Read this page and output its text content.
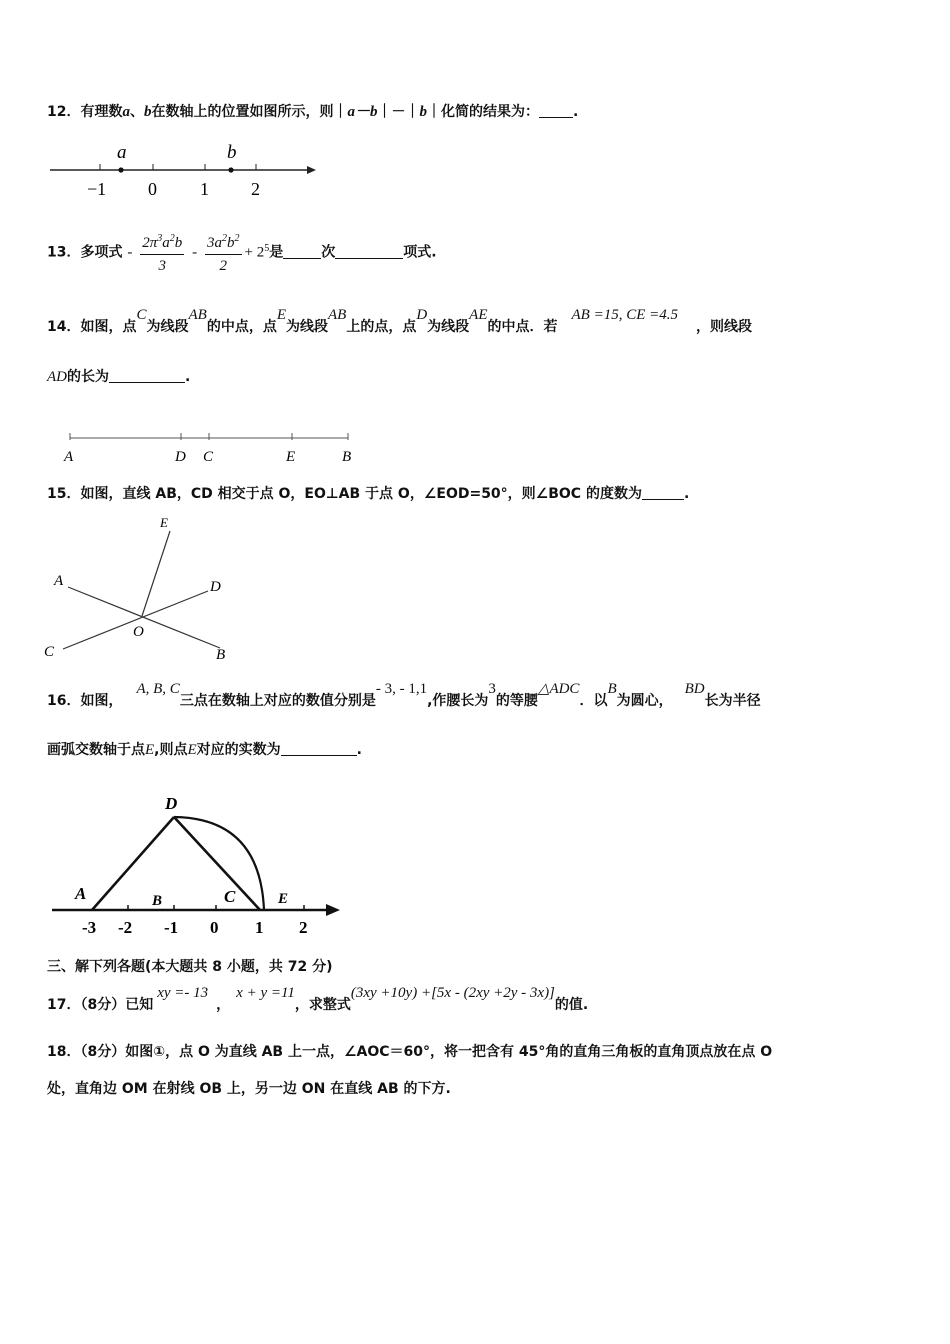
12．有理数a、b在数轴上的位置如图所示，则｜a－b｜－｜b｜化简的结果为： .
a	b
−1 0 1 2
13．多项式 - $\frac{2\pi^3a^2b}{3} - \frac{3a^2b^2}{2} + 2^5$是	次	项式.
14．如图，点C为线段AB的中点，点E为线段AB上的点，点D为线段AE的中点．若AB =15, CE =4.5，则线段
AD的长为	.
A	D C	E	B
15．如图，直线 AB，CD 相交于点 O，EO⊥AB 于点 O，∠EOD=50°，则∠BOC 的度数为	.
E
A	D
O
C	B
16．如图，A, B, C三点在数轴上对应的数值分别是- 3, - 1,1,作腰长为3的等腰△ADC．以B为圆心，BD长为半径
画弧交数轴于点E,则点E对应的实数为	.
D
A	B	C	E
-3 -2 -1 0 1 2
三、解下列各题(本大题共 8 小题，共 72 分)
17．（8分）已知xy =- 13，x + y =11，求整式(3xy +10y) +[5x - (2xy +2y - 3x)]的值.
18．（8分）如图①，点 O 为直线 AB 上一点，∠AOC＝60°，将一把含有 45°角的直角三角板的直角顶点放在点 O
处，直角边 OM 在射线 OB 上，另一边 ON 在直线 AB 的下方.
